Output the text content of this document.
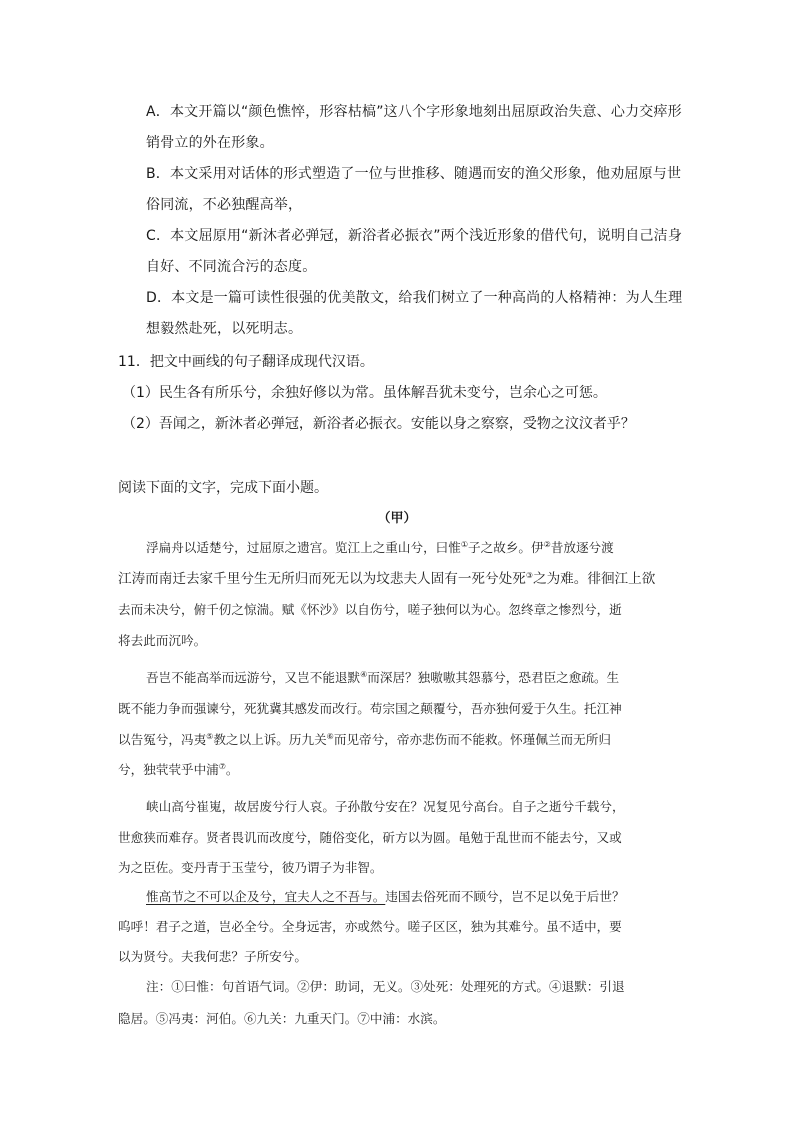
A．本文开篇以“颜色憔悴，形容枯槁”这八个字形象地刻出屈原政治失意、心力交瘁形
销骨立的外在形象。
B．本文采用对话体的形式塑造了一位与世推移、随遇而安的渔父形象，他劝屈原与世
俗同流，不必独醒高举，
C．本文屈原用“新沐者必弹冠，新浴者必振衣”两个浅近形象的借代句，说明自己洁身
自好、不同流合污的态度。
D．本文是一篇可读性很强的优美散文，给我们树立了一种高尚的人格精神：为人生理
想毅然赴死，以死明志。
11．把文中画线的句子翻译成现代汉语。
（1）民生各有所乐兮，余独好修以为常。虽体解吾犹未变兮，岂余心之可惩。
（2）吾闻之，新沐者必弹冠，新浴者必振衣。安能以身之察察，受物之汶汶者乎？
阅读下面的文字，完成下面小题。
（甲）
浮扁舟以适楚兮，过屈原之遗宫。览江上之重山兮，曰惟①子之故乡。伊②昔放逐兮渡
江涛而南迁去家千里兮生无所归而死无以为坟悲夫人固有一死兮处死③之为难。徘徊江上欲
去而未决兮，俯千仞之惊湍。赋《怀沙》以自伤兮，嗟子独何以为心。忽终章之惨烈兮，逝
将去此而沉吟。
吾岂不能高举而远游兮，又岂不能退默④而深居？独嗷嗷其怨慕兮，恐君臣之愈疏。生
既不能力争而强谏兮，死犹冀其感发而改行。苟宗国之颠覆兮，吾亦独何爱于久生。托江神
以告冤兮，冯夷⑤教之以上诉。历九关⑥而见帝兮，帝亦悲伤而不能救。怀瑾佩兰而无所归
兮，独茕茕乎中浦⑦。
峡山高兮崔嵬，故居废兮行人哀。子孙散兮安在？况复见兮高台。自子之逝兮千载兮，
世愈狭而难存。贤者畏讥而改度兮，随俗变化，斫方以为圆。黾勉于乱世而不能去兮，又或
为之臣佐。变丹青于玉莹兮，彼乃谓子为非智。
惟高节之不可以企及兮，宜夫人之不吾与。违国去俗死而不顾兮，岂不足以免于后世？
呜呼！君子之道，岂必全兮。全身远害，亦或然兮。嗟子区区，独为其难兮。虽不适中，要
以为贤兮。夫我何悲？子所安兮。
注：①曰惟：句首语气词。②伊：助词，无义。③处死：处理死的方式。④退默：引退
隐居。⑤冯夷：河伯。⑥九关：九重天门。⑦中浦：水滨。
